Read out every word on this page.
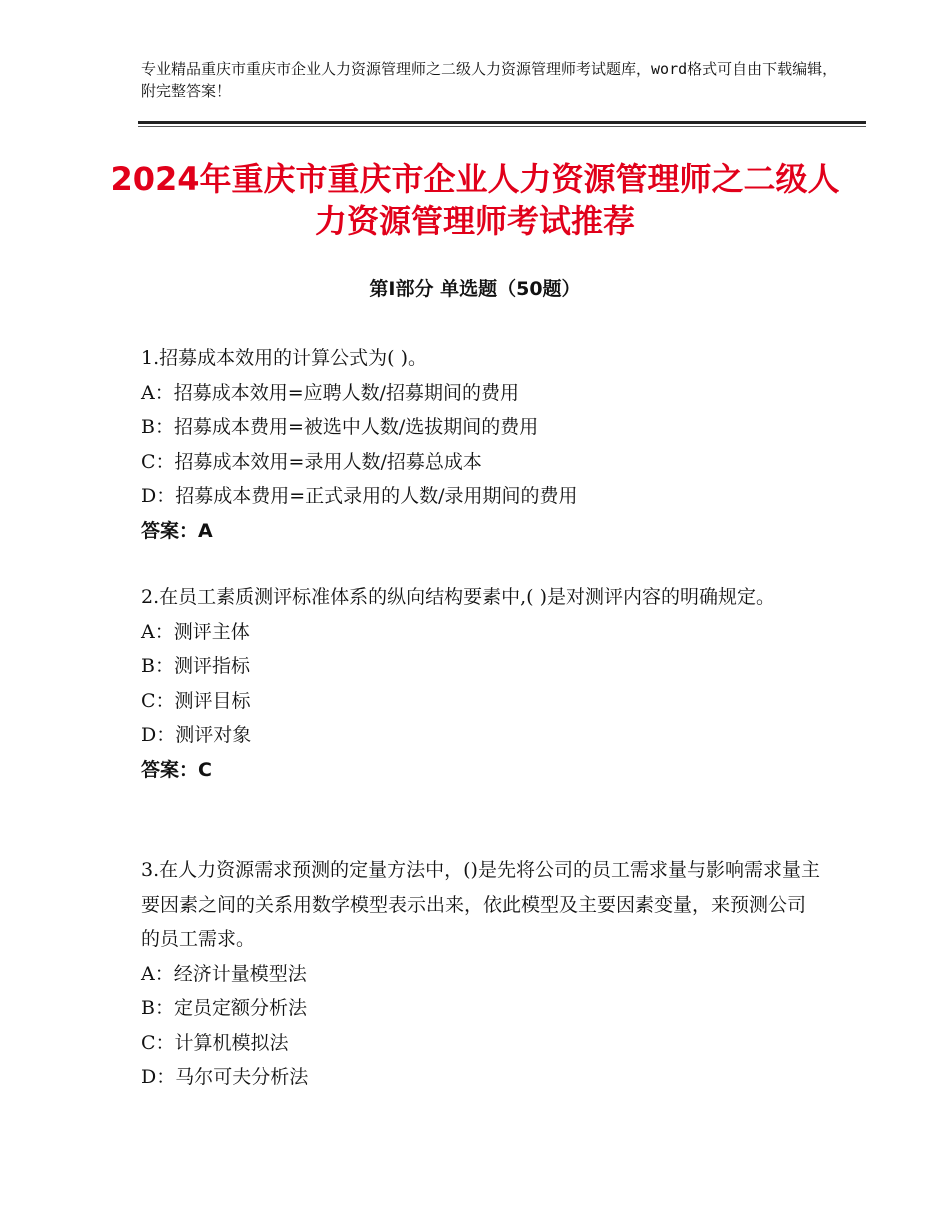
专业精品重庆市重庆市企业人力资源管理师之二级人力资源管理师考试题库，word格式可自由下载编辑，附完整答案！
2024年重庆市重庆市企业人力资源管理师之二级人力资源管理师考试推荐
第Ⅰ部分 单选题（50题）

1.招募成本效用的计算公式为( )。

A：招募成本效用=应聘人数/招募期间的费用

B：招募成本费用=被选中人数/选拔期间的费用

C：招募成本效用=录用人数/招募总成本

D：招募成本费用=正式录用的人数/录用期间的费用

答案：A

2.在员工素质测评标准体系的纵向结构要素中,( )是对测评内容的明确规定。

A：测评主体

B：测评指标

C：测评目标

D：测评对象

答案：C

3.在人力资源需求预测的定量方法中，()是先将公司的员工需求量与影响需求量主要因素之间的关系用数学模型表示出来，依此模型及主要因素变量，来预测公司的员工需求。

A：经济计量模型法

B：定员定额分析法

C：计算机模拟法

D：马尔可夫分析法
